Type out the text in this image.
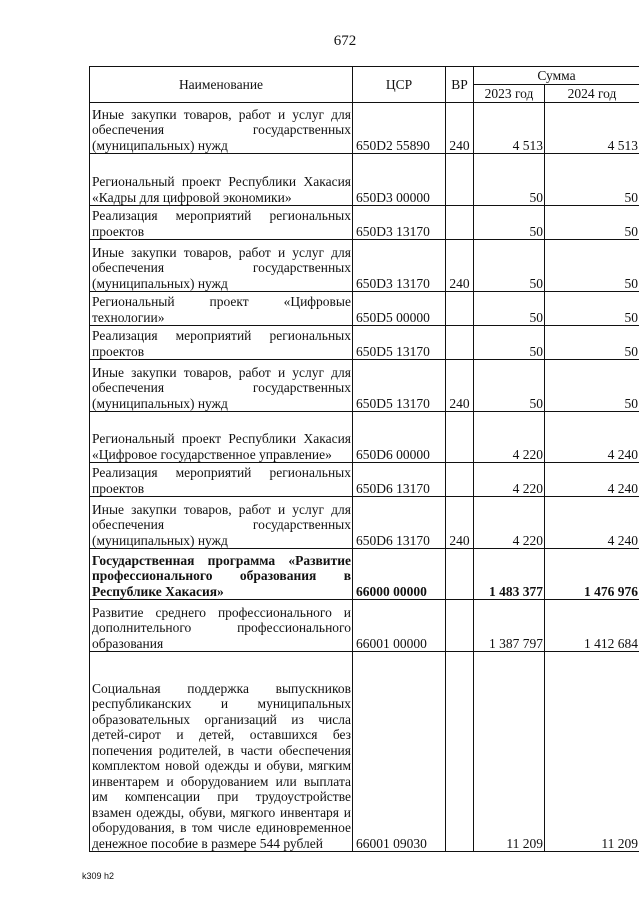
672
Наименование	ЦСР	ВР	Сумма	
			2023 год	2024 год
Иные закупки товаров, работ и услуг для обеспечения государственных (муниципальных) нужд	650D2 55890	240	4 513	4 513
Региональный проект Республики Хакасия «Кадры для цифровой экономики»	650D3 00000		50	50
Реализация мероприятий региональных проектов	650D3 13170		50	50
Иные закупки товаров, работ и услуг для обеспечения государственных (муниципальных) нужд	650D3 13170	240	50	50
Региональный проект «Цифровые технологии»	650D5 00000		50	50
Реализация мероприятий региональных проектов	650D5 13170		50	50
Иные закупки товаров, работ и услуг для обеспечения государственных (муниципальных) нужд	650D5 13170	240	50	50
Региональный проект Республики Хакасия «Цифровое государственное управление»	650D6 00000		4 220	4 240
Реализация мероприятий региональных проектов	650D6 13170		4 220	4 240
Иные закупки товаров, работ и услуг для обеспечения государственных (муниципальных) нужд	650D6 13170	240	4 220	4 240
Государственная программа «Развитие профессионального образования в Республике Хакасия»	66000 00000		1 483 377	1 476 976
Развитие среднего профессионального и дополнительного профессионального образования	66001 00000		1 387 797	1 412 684
Социальная поддержка выпускников республиканских и муниципальных образовательных организаций из числа детей-сирот и детей, оставшихся без попечения родителей, в части обеспечения комплектом новой одежды и обуви, мягким инвентарем и оборудованием или выплата им компенсации при трудоустройстве взамен одежды, обуви, мягкого инвентаря и оборудования, в том числе единовременное денежное пособие в размере 544 рублей	66001 09030		11 209	11 209
k309 h2
